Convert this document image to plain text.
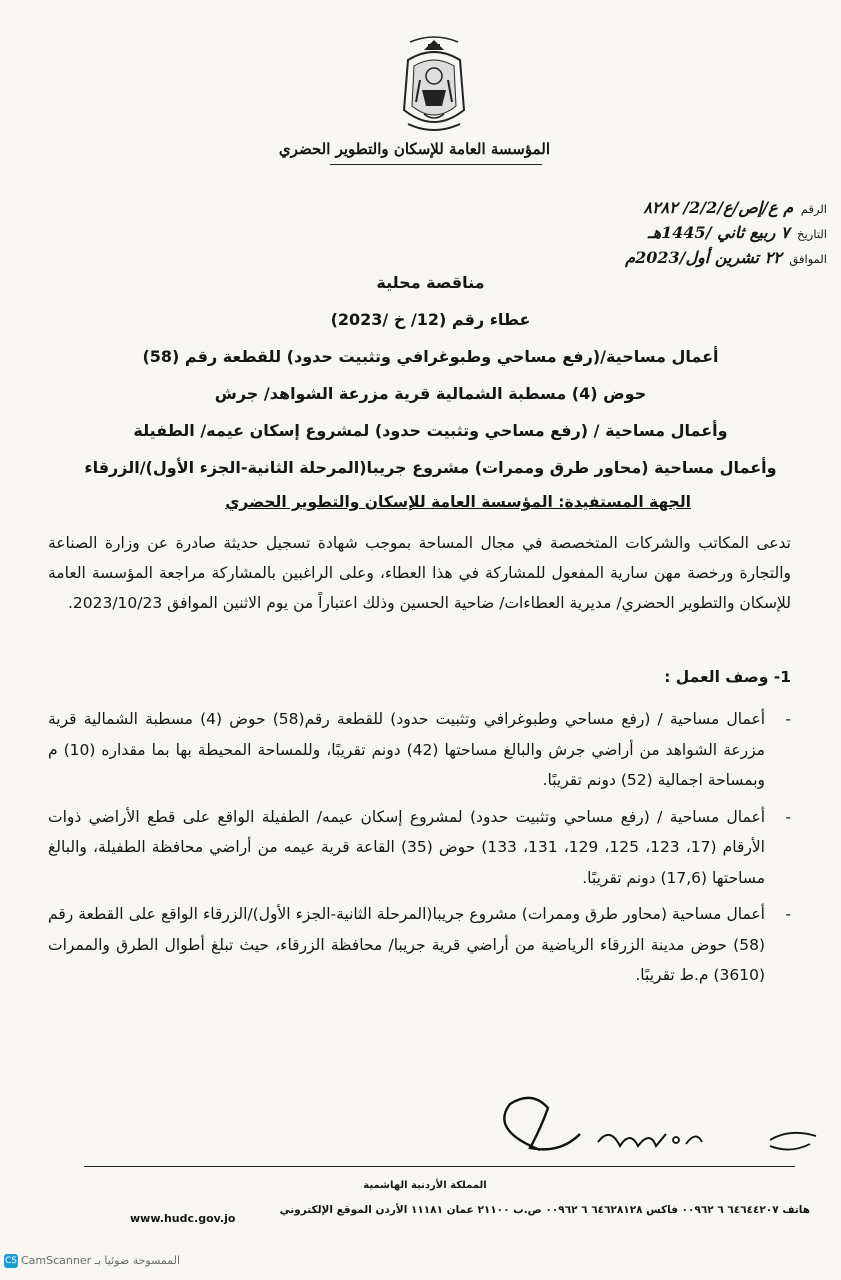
المؤسسة العامة للإسكان والتطوير الحضري
الرقم م ع/إص/ع/2/2/ ٨٢٨٢
التاريخ ٧ ربيع ثاني /1445هـ
الموافق ٢٢ تشرين أول/2023م
مناقصة محلية
عطاء رقم (12/ خ /2023)
أعمال مساحية/(رفع مساحي وطبوغرافي وتثبيت حدود) للقطعة رقم (58)
حوض (4) مسطبة الشمالية قرية مزرعة الشواهد/ جرش
وأعمال مساحية / (رفع مساحي وتثبيت حدود) لمشروع إسكان عيمه/ الطفيلة
وأعمال مساحية (محاور طرق وممرات) مشروع جريبا(المرحلة الثانية-الجزء الأول)/الزرقاء
الجهة المستفيدة: المؤسسة العامة للإسكان والتطوير الحضري

تدعى المكاتب والشركات المتخصصة في مجال المساحة بموجب شهادة تسجيل حديثة صادرة عن وزارة الصناعة والتجارة ورخصة مهن سارية المفعول للمشاركة في هذا العطاء، وعلى الراغبين بالمشاركة مراجعة المؤسسة العامة للإسكان والتطوير الحضري/ مديرية العطاءات/ ضاحية الحسين وذلك اعتباراً من يوم الاثنين الموافق 2023/10/23.

1- وصف العمل :

-
أعمال مساحية / (رفع مساحي وطبوغرافي وتثبيت حدود) للقطعة رقم(58) حوض (4) مسطبة الشمالية قرية مزرعة الشواهد من أراضي جرش والبالغ مساحتها (42) دونم تقريبًا، وللمساحة المحيطة بها بما مقداره (10) م وبمساحة اجمالية (52) دونم تقريبًا.

-
أعمال مساحية / (رفع مساحي وتثبيت حدود) لمشروع إسكان عيمه/ الطفيلة الواقع على قطع الأراضي ذوات الأرقام (17، 123، 125، 129، 131، 133) حوض (35) القاعة قرية عيمه من أراضي محافظة الطفيلة، والبالغ مساحتها (17,6) دونم تقريبًا.

-
أعمال مساحية (محاور طرق وممرات) مشروع جريبا(المرحلة الثانية-الجزء الأول)/الزرقاء الواقع على القطعة رقم (58) حوض مدينة الزرقاء الرياضية من أراضي قرية جريبا/ محافظة الزرقاء، حيث تبلغ أطوال الطرق والممرات (3610) م.ط تقريبًا.

المملكة الأردنية الهاشمية
هاتف ٦٤٦٤٤٢٠٧ ٦ ٠٠٩٦٢ فاكس ٦٤٦٢٨١٢٨ ٦ ٠٠٩٦٢ ص.ب ٢١١٠٠ عمان ١١١٨١ الأردن الموقع الإلكتروني
www.hudc.gov.jo
CS CamScanner الممسوحة ضوئيا بـ
